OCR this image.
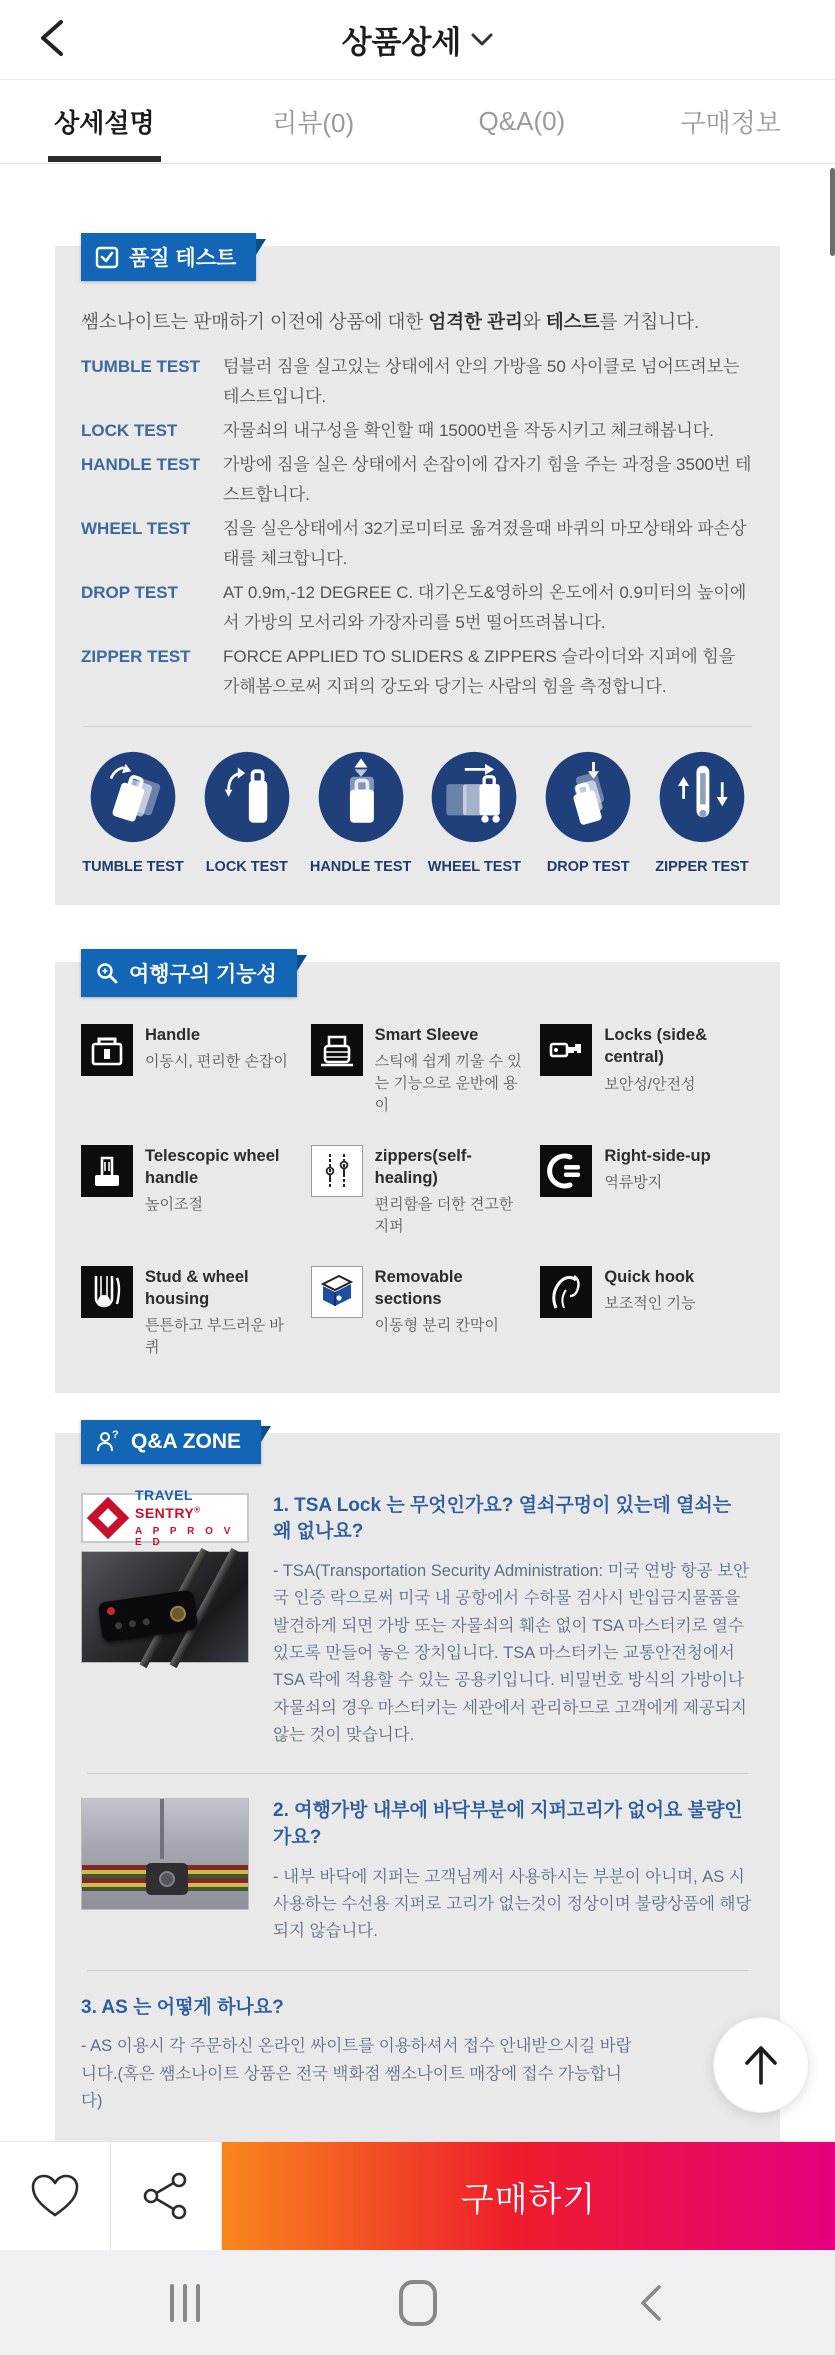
상품상세
상세설명	리뷰(0)	Q&A(0)	구매정보
품질 테스트
쌤소나이트는 판매하기 이전에 상품에 대한 엄격한 관리와 테스트를 거칩니다.
TUMBLE TEST	텀블러 짐을 실고있는 상태에서 안의 가방을 50 사이클로 넘어뜨려보는 테스트입니다.
LOCK TEST	자물쇠의 내구성을 확인할 때 15000번을 작동시키고 체크해봅니다.
HANDLE TEST	가방에 짐을 실은 상태에서 손잡이에 갑자기 힘을 주는 과정을 3500번 테스트합니다.
WHEEL TEST	짐을 실은상태에서 32기로미터로 옮겨졌을때 바퀴의 마모상태와 파손상태를 체크합니다.
DROP TEST	AT 0.9m,-12 DEGREE C. 대기온도&영하의 온도에서 0.9미터의 높이에서 가방의 모서리와 가장자리를 5번 떨어뜨려봅니다.
ZIPPER TEST	FORCE APPLIED TO SLIDERS & ZIPPERS 슬라이더와 지퍼에 힘을 가해봄으로써 지퍼의 강도와 당기는 사람의 힘을 측정합니다.
TUMBLE TEST LOCK TEST HANDLE TEST WHEEL TEST DROP TEST ZIPPER TEST
여행구의 기능성
Handle
이동시, 편리한 손잡이
Smart Sleeve
스틱에 쉽게 끼울 수 있는 기능으로 운반에 용이
Locks (side& central)
보안성/안전성
Telescopic wheel handle
높이조절
zippers(self-healing)
편리함을 더한 견고한 지퍼
Right-side-up
역류방지
Stud & wheel housing
튼튼하고 부드러운 바퀴
Removable sections
이동형 분리 칸막이
Quick hook
보조적인 기능
? Q&A ZONE
TRAVEL SENTRY®
A P P R O V E D
1. TSA Lock 는 무엇인가요? 열쇠구멍이 있는데 열쇠는 왜 없나요?
- TSA(Transportation Security Administration: 미국 연방 항공 보안국 인증 락으로써 미국 내 공항에서 수하물 검사시 반입금지물품을 발견하게 되면 가방 또는 자물쇠의 훼손 없이 TSA 마스터키로 열수 있도록 만들어 놓은 장치입니다. TSA 마스터키는 교통안전청에서 TSA 락에 적용할 수 있는 공용키입니다. 비밀번호 방식의 가방이나 자물쇠의 경우 마스터키는 세관에서 관리하므로 고객에게 제공되지 않는 것이 맞습니다.
2. 여행가방 내부에 바닥부분에 지퍼고리가 없어요 불량인가요?
- 내부 바닥에 지퍼는 고객님께서 사용하시는 부분이 아니며, AS 시 사용하는 수선용 지퍼로 고리가 없는것이 정상이며 불량상품에 해당되지 않습니다.
3. AS 는 어떻게 하나요?
- AS 이용시 각 주문하신 온라인 싸이트를 이용하셔서 접수 안내받으시길 바랍니다.(혹은 쌤소나이트 상품은 전국 백화점 쌤소나이트 매장에 접수 가능합니다)
구매하기
